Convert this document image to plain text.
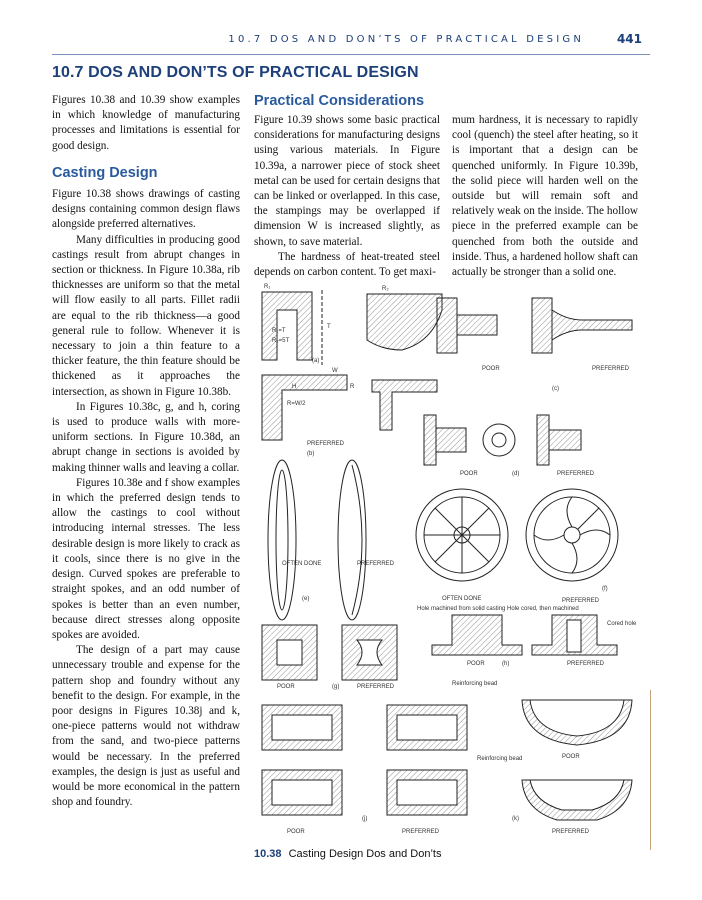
10.7 DOS AND DON’TS OF PRACTICAL DESIGN	441
10.7 DOS AND DON’TS OF PRACTICAL DESIGN

Figures 10.38 and 10.39 show examples in which knowledge of manufacturing processes and limitations is essential for good design.

Casting Design

Figure 10.38 shows drawings of casting designs containing common design flaws alongside preferred alternatives.

Many difficulties in producing good castings result from abrupt changes in section or thickness. In Figure 10.38a, rib thicknesses are uniform so that the metal will flow easily to all parts. Fillet radii are equal to the rib thickness—a good general rule to follow. Whenever it is necessary to join a thin feature to a thicker feature, the thin feature should be thickened as it approaches the intersection, as shown in Figure 10.38b.

In Figures 10.38c, g, and h, coring is used to produce walls with more-uniform sections. In Figure 10.38d, an abrupt change in sections is avoided by making thinner walls and leaving a collar.

Figures 10.38e and f show examples in which the preferred design tends to allow the castings to cool without introducing internal stresses. The less desirable design is more likely to crack as it cools, since there is no give in the design. Curved spokes are preferable to straight spokes, and an odd number of spokes is better than an even number, because direct stresses along opposite spokes are avoided.

The design of a part may cause unnecessary trouble and expense for the pattern shop and foundry without any benefit to the design. For example, in the poor designs in Figures 10.38j and k, one-piece patterns would not withdraw from the sand, and two-piece patterns would be necessary. In the preferred examples, the design is just as useful and would be more economical in the pattern shop and foundry.

Practical Considerations

Figure 10.39 shows some basic practical considerations for manufacturing designs using various materials. In Figure 10.39a, a narrower piece of stock sheet metal can be used for certain designs that can be linked or overlapped. In this case, the stampings may be overlapped if dimension W is increased slightly, as shown, to save material.

The hardness of heat-treated steel depends on carbon content. To get maxi-

mum hardness, it is necessary to rapidly cool (quench) the steel after heating, so it is important that a design can be quenched uniformly. In Figure 10.39b, the solid piece will harden well on the outside but will remain soft and relatively weak on the inside. The hollow piece in the preferred example can be quenched from both the outside and inside. Thus, a hardened hollow shaft can actually be stronger than a solid one.

(a)
(b)
PREFERRED
(c)
POOR	PREFERRED
(d)
POOR	PREFERRED
(e)
OFTEN DONE	PREFERRED
(f)
OFTEN DONE	PREFERRED
(g)
POOR	PREFERRED
(h)
POOR	PREFERRED
Hole machined from solid casting Hole cored, then machined
Cored hole
Reinforcing bead
Reinforcing bead	POOR
PREFERRED
(j)
POOR	PREFERRED
(k)
R₁	R₂
R₁=T
R₂=5T
T
W
R
H
R=W/2
10.38 Casting Design Dos and Don’ts
